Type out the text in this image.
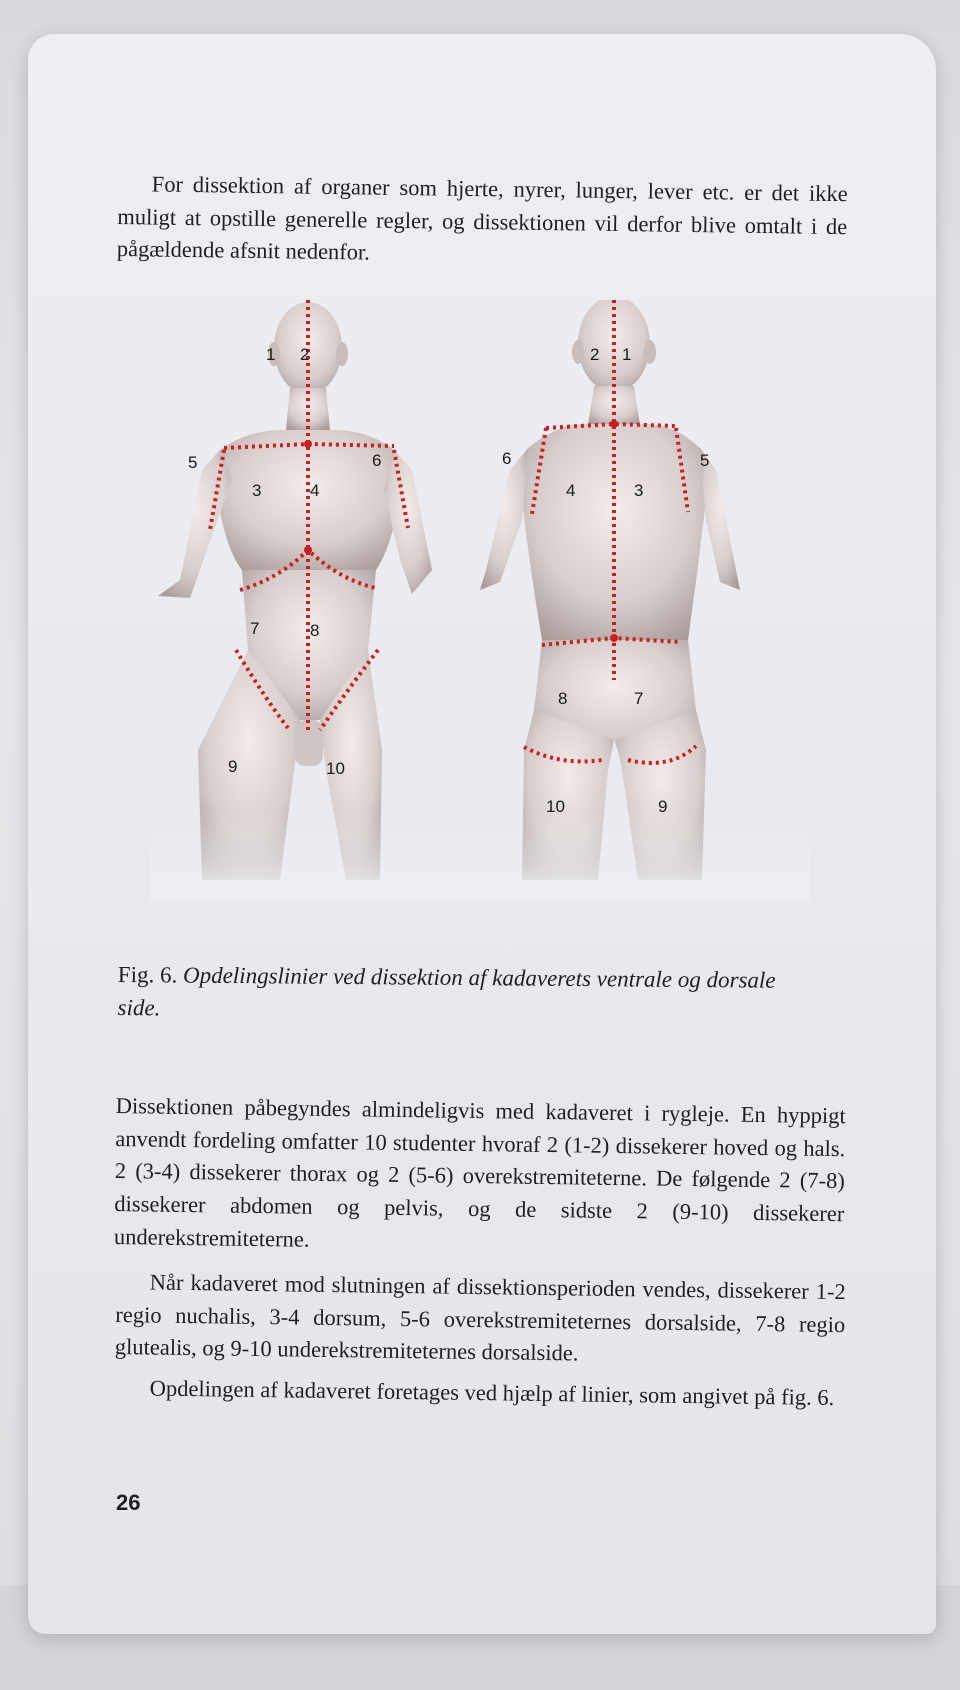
For dissektion af organer som hjerte, nyrer, lunger, lever etc. er det ikke muligt at opstille generelle regler, og dissektionen vil derfor blive omtalt i de pågældende afsnit nedenfor.

1 2
3	4
5	6
7	8
9	10
2 1
6
4	3
5
8	7
10	9
Fig. 6. Opdelingslinier ved dissektion af kadaverets ventrale og dorsale side.

Dissektionen påbegyndes almindeligvis med kadaveret i rygleje. En hyppigt anvendt fordeling omfatter 10 studenter hvoraf 2 (1-2) dissekerer hoved og hals. 2 (3-4) dissekerer thorax og 2 (5-6) overekstremiteterne. De følgende 2 (7-8) dissekerer abdomen og pelvis, og de sidste 2 (9-10) dissekerer underekstremiteterne.

Når kadaveret mod slutningen af dissektionsperioden vendes, dissekerer 1-2 regio nuchalis, 3-4 dorsum, 5-6 overekstremiteternes dorsalside, 7-8 regio glutealis, og 9-10 underekstremiteternes dorsalside.

Opdelingen af kadaveret foretages ved hjælp af linier, som angivet på fig. 6.

26
